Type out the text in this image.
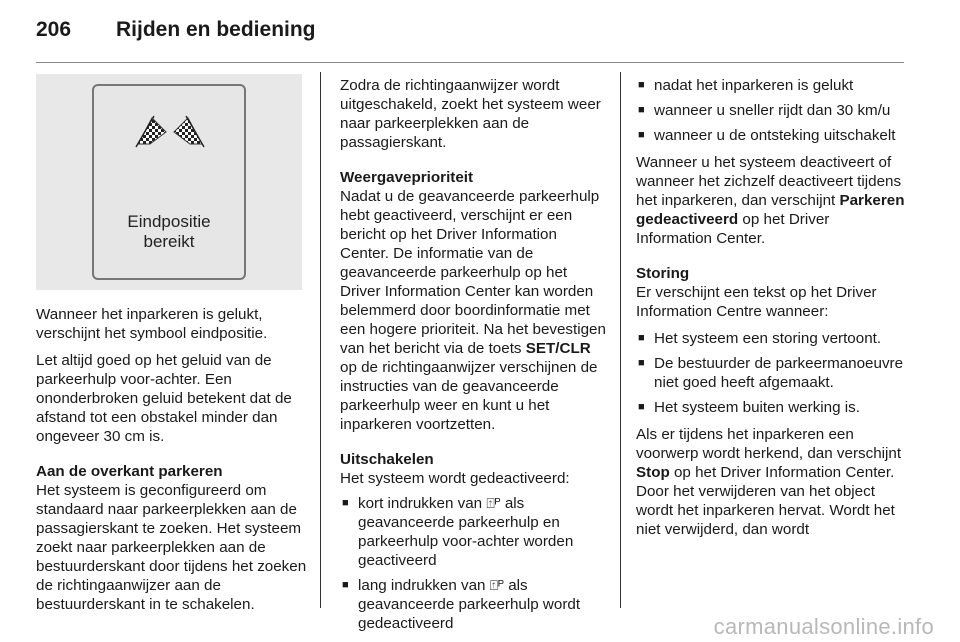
206 Rijden en bediening
Eindpositie
bereikt

Wanneer het inparkeren is gelukt, verschijnt het symbool eindpositie.

Let altijd goed op het geluid van de parkeerhulp voor-achter. Een ononderbroken geluid betekent dat de afstand tot een obstakel minder dan ongeveer 30 cm is.

Aan de overkant parkeren
Het systeem is geconfigureerd om standaard naar parkeerplekken aan de passagierskant te zoeken. Het systeem zoekt naar parkeerplekken aan de bestuurderskant door tijdens het zoeken de richtingaanwijzer aan de bestuurderskant in te schakelen.

Zodra de richtingaanwijzer wordt uitgeschakeld, zoekt het systeem weer naar parkeerplekken aan de passagierskant.

Weergaveprioriteit
Nadat u de geavanceerde parkeerhulp hebt geactiveerd, verschijnt er een bericht op het Driver Information Center. De informatie van de geavanceerde parkeerhulp op het Driver Information Center kan worden belemmerd door boordinformatie met een hogere prioriteit. Na het bevestigen van het bericht via de toets SET/CLR op de richtingaanwijzer verschijnen de instructies van de geavanceerde parkeerhulp weer en kunt u het inparkeren voortzetten.

Uitschakelen
Het systeem wordt gedeactiveerd:

■ kort indrukken van ⍐ᴾ als geavanceerde parkeerhulp en parkeerhulp voor-achter worden geactiveerd
■ lang indrukken van ⍐ᴾ als geavanceerde parkeerhulp wordt gedeactiveerd
■ nadat het inparkeren is gelukt
■ wanneer u sneller rijdt dan 30 km/u
■ wanneer u de ontsteking uitschakelt

Wanneer u het systeem deactiveert of wanneer het zichzelf deactiveert tijdens het inparkeren, dan verschijnt Parkeren gedeactiveerd op het Driver Information Center.

Storing
Er verschijnt een tekst op het Driver Information Centre wanneer:

■ Het systeem een storing vertoont.
■ De bestuurder de parkeermanoeuvre niet goed heeft afgemaakt.
■ Het systeem buiten werking is.

Als er tijdens het inparkeren een voorwerp wordt herkend, dan verschijnt Stop op het Driver Information Center. Door het verwijderen van het object wordt het inparkeren hervat. Wordt het niet verwijderd, dan wordt

carmanualsonline.info
